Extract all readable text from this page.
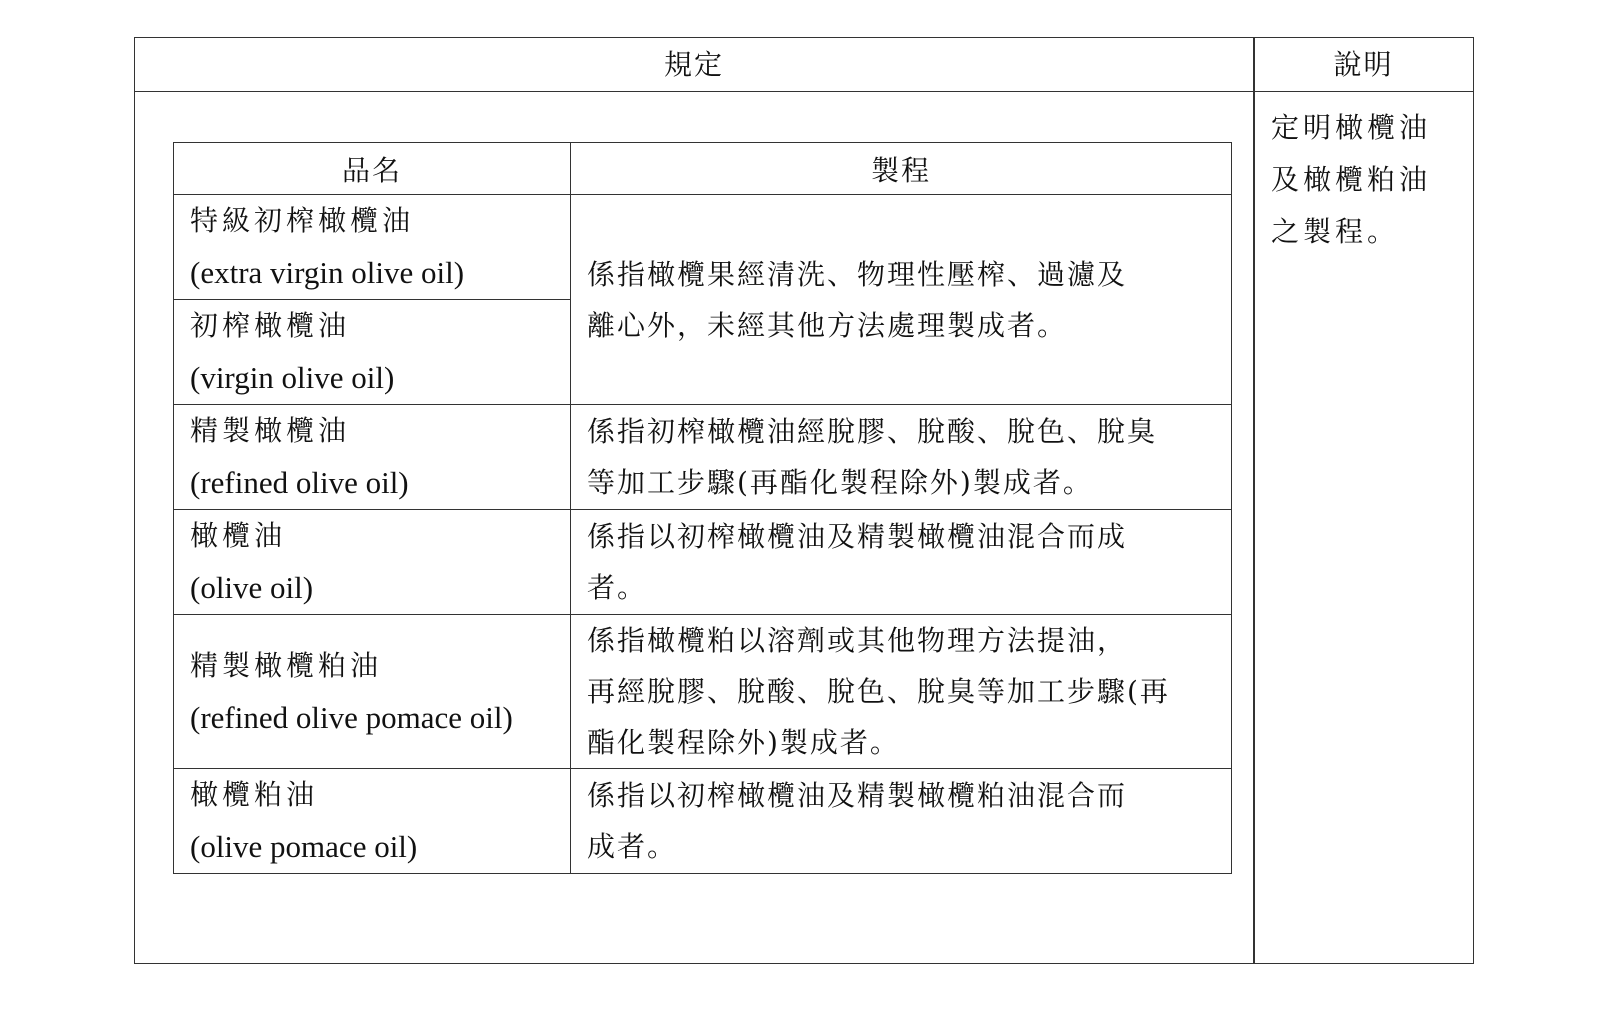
規定	說明
定明橄欖油
及橄欖粕油
之製程。
品名	製程

特級初榨橄欖油
(extra virgin olive oil)	係指橄欖果經清洗、物理性壓榨、過濾及
離心外，未經其他方法處理製成者。

初榨橄欖油
(virgin olive oil)	

精製橄欖油
(refined olive oil)	係指初榨橄欖油經脫膠、脫酸、脫色、脫臭
等加工步驟(再酯化製程除外)製成者。

橄欖油
(olive oil)	係指以初榨橄欖油及精製橄欖油混合而成
者。

精製橄欖粕油
(refined olive pomace oil)	係指橄欖粕以溶劑或其他物理方法提油，
再經脫膠、脫酸、脫色、脫臭等加工步驟(再
酯化製程除外)製成者。

橄欖粕油
(olive pomace oil)	係指以初榨橄欖油及精製橄欖粕油混合而
成者。
